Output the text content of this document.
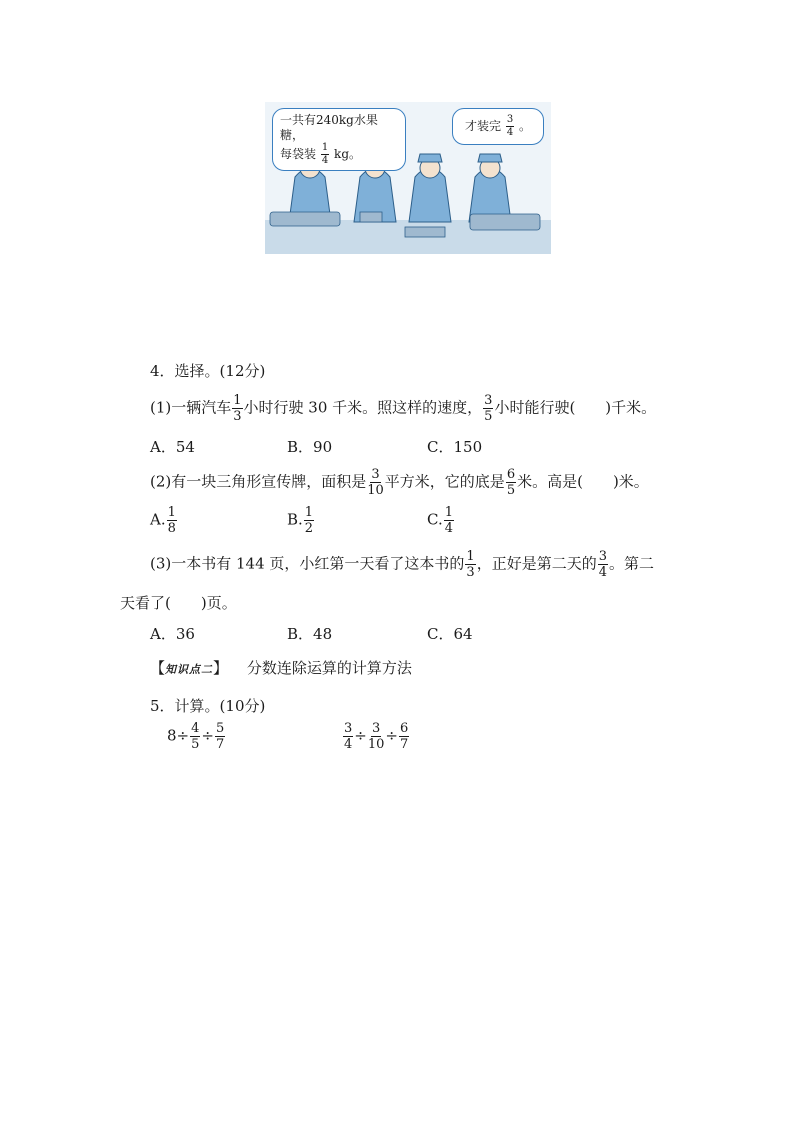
一共有240kg水果糖，
每袋装 $\frac{1}{4}$ kg。
才装完 $\frac{3}{4}$ 。
4．选择。(12分)
(1)一辆汽车 $\frac{1}{3}$ 小时行驶 30 千米。照这样的速度， $\frac{3}{5}$ 小时能行驶(　　)千米。
A．54	B．90	C．150
(2)有一块三角形宣传牌，面积是 $\frac{3}{10}$ 平方米，它的底是 $\frac{6}{5}$ 米。高是(　　)米。
A. $\frac{1}{8}$	B. $\frac{1}{2}$	C. $\frac{1}{4}$
(3)一本书有 144 页，小红第一天看了这本书的 $\frac{1}{3}$ ，正好是第二天的 $\frac{3}{4}$ 。第二
天看了(　　)页。
A．36	B．48	C．64
【知识点二】 分数连除运算的计算方法
5．计算。(10分)
$8\div \frac{4}{5} \div \frac{5}{7}$	$\frac{3}{4} \div \frac{3}{10} \div \frac{6}{7}$
